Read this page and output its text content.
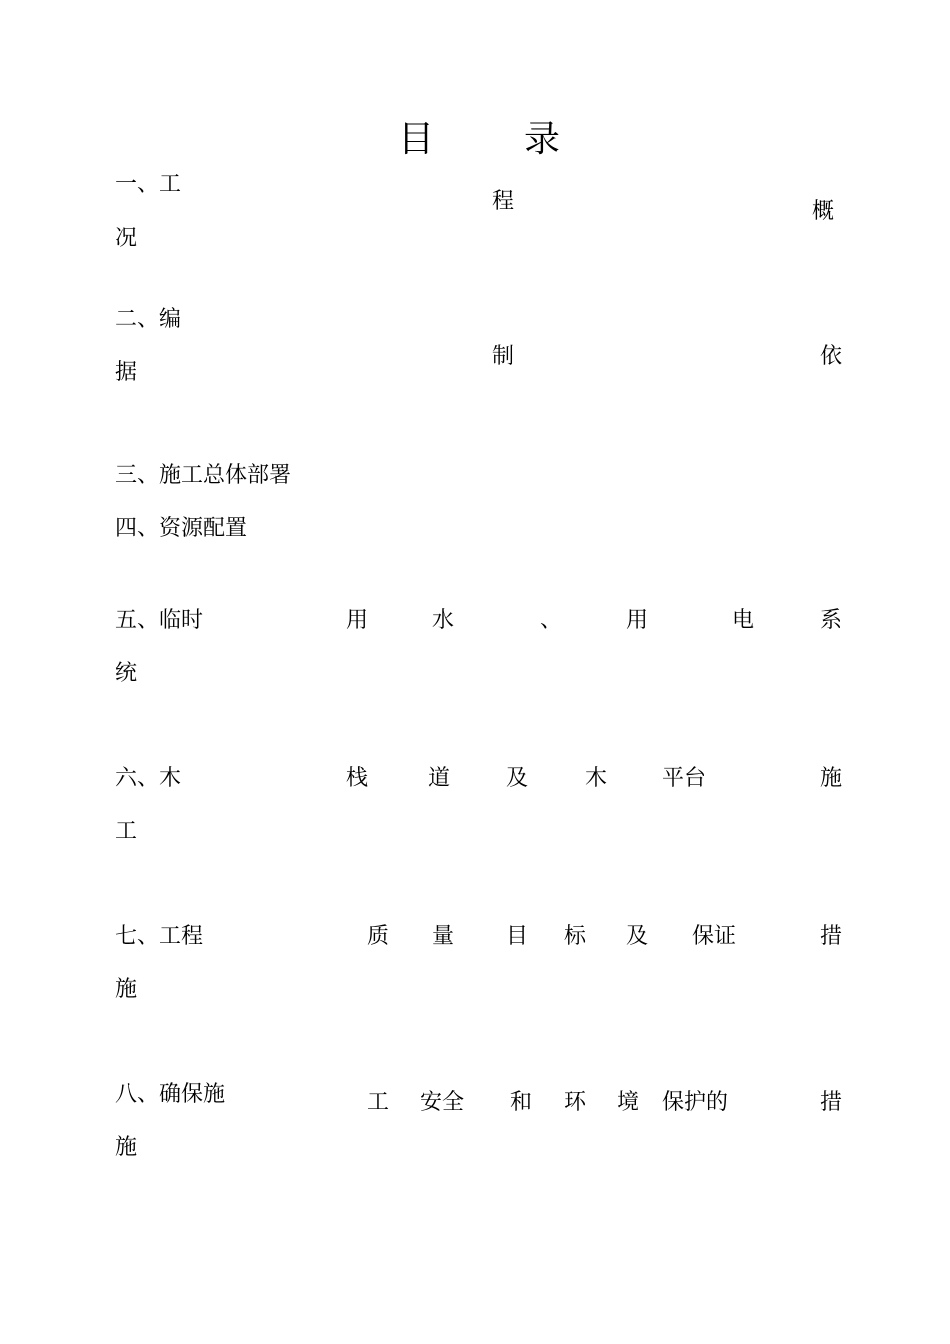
目 录
一、工
程	概
况
二、编
制	依
据
三、施工总体部署
四、资源配置
五、临时	用	水	、	用	电	系
统
六、木	栈	道	及	木 平台	施
工
七、工程	质 量 目 标 及 保证	措
施
八、确保施	工 安全 和 环 境 保护的	措
施
